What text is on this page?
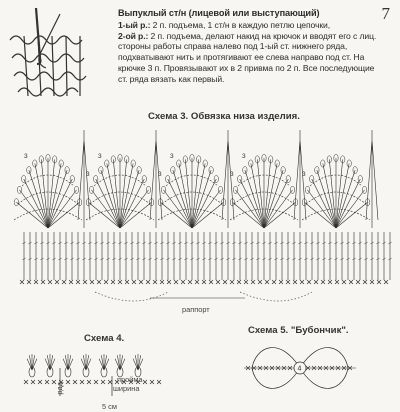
7
Выпуклый ст/н (лицевой или выступающий)

1-ый р.: 2 п. подъема, 1 ст/н в каждую петлю цепочки,

2-ой р.: 2 п. подъема, делают накид на крючок и вводят его с лиц. стороны работы справа налево под 1-ый ст. нижнего ряда, подхватывают нить и протягивают ее слева направо под ст. На крючке 3 п. Провязывают их в 2 привма по 2 п. Все последующие ст. ряда вязать как первый.

Схема 3. Обвязка низа изделия.
3
3
3
3
3
3
3
3
раппорт
Схема 4.
рдд
пройма
ширина
5 см
Схема 5. "Бубончик".
4
